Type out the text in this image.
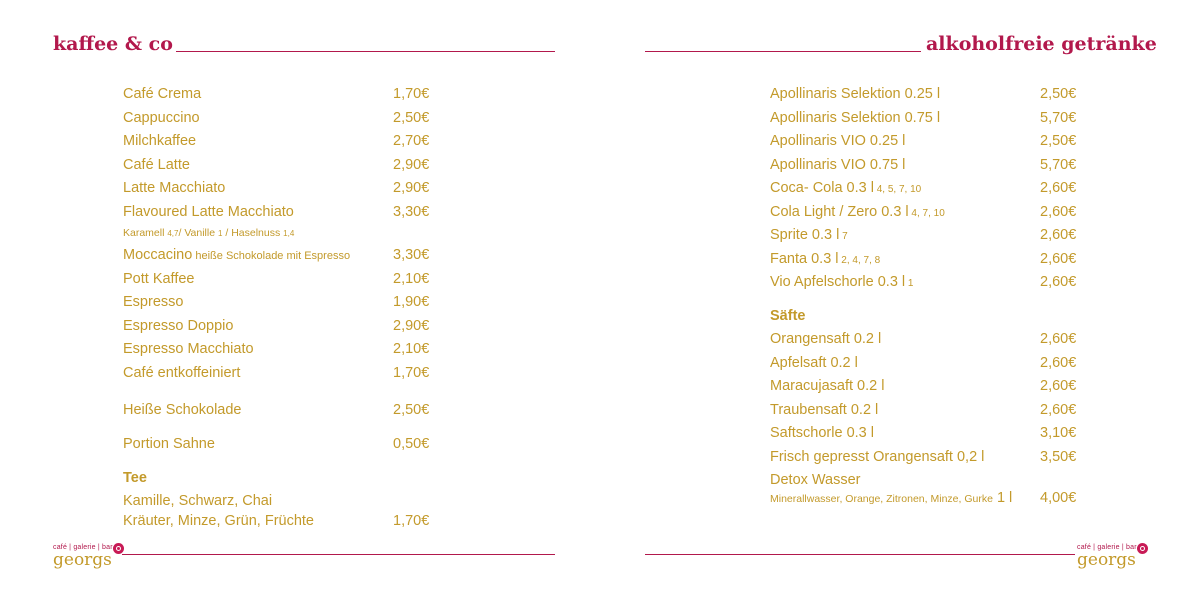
kaffee & co
Café Crema	1,70€
Cappuccino	2,50€
Milchkaffee	2,70€
Café Latte	2,90€
Latte Macchiato	2,90€
Flavoured Latte Macchiato	3,30€
Karamell 4,7/ Vanille 1 / Haselnuss 1,4
Moccacino heiße Schokolade mit Espresso	3,30€
Pott Kaffee	2,10€
Espresso	1,90€
Espresso Doppio	2,90€
Espresso Macchiato	2,10€
Café entkoffeiniert	1,70€
Heiße Schokolade	2,50€
Portion Sahne	0,50€
Tee
Kamille, Schwarz, Chai
Kräuter, Minze, Grün, Früchte	1,70€
café | galerie | bar
georgs
alkoholfreie getränke
Apollinaris Selektion 0.25 l	2,50€
Apollinaris Selektion 0.75 l	5,70€
Apollinaris VIO 0.25 l	2,50€
Apollinaris VIO 0.75 l	5,70€
Coca- Cola 0.3 l 4, 5, 7, 10	2,60€
Cola Light / Zero 0.3 l 4, 7, 10	2,60€
Sprite 0.3 l 7	2,60€
Fanta 0.3 l 2, 4, 7, 8	2,60€
Vio Apfelschorle 0.3 l 1	2,60€
Säfte
Orangensaft 0.2 l	2,60€
Apfelsaft 0.2 l	2,60€
Maracujasaft 0.2 l	2,60€
Traubensaft 0.2 l	2,60€
Saftschorle 0.3 l	3,10€
Frisch gepresst Orangensaft 0,2 l	3,50€
Detox Wasser
Minerallwasser, Orange, Zitronen, Minze, Gurke 1 l 4,00€
café | galerie | bar
georgs
